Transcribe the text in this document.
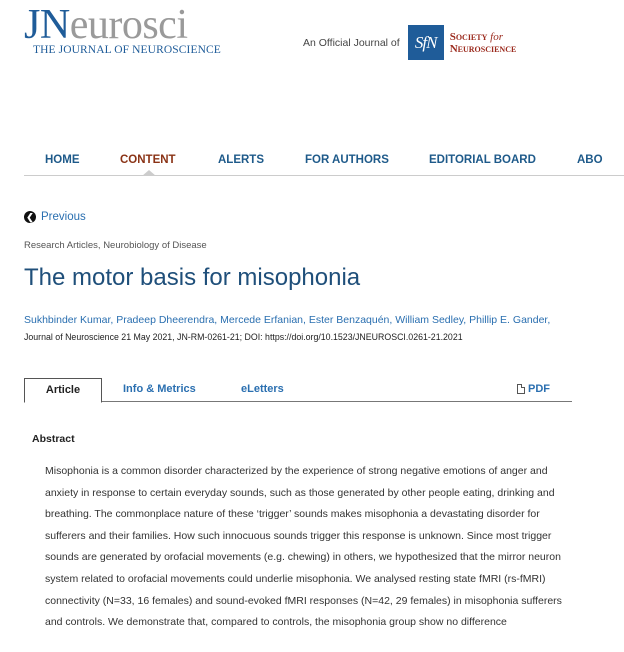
JNeurosci
THE JOURNAL OF NEUROSCIENCE
An Official Journal of SfN Society for
Neuroscience
HOME	CONTENT	ALERTS	FOR AUTHORS	EDITORIAL BOARD	ABO
❮ Previous
Research Articles, Neurobiology of Disease
The motor basis for misophonia
Sukhbinder Kumar, Pradeep Dheerendra, Mercede Erfanian, Ester Benzaquén, William Sedley, Phillip E. Gander,
Journal of Neuroscience 21 May 2021, JN-RM-0261-21; DOI: https://doi.org/10.1523/JNEUROSCI.0261-21.2021
Article	Info & Metrics	eLetters	PDF
Abstract

Misophonia is a common disorder characterized by the experience of strong negative emotions of anger and anxiety in response to certain everyday sounds, such as those generated by other people eating, drinking and breathing. The commonplace nature of these ‘trigger’ sounds makes misophonia a devastating disorder for sufferers and their families. How such innocuous sounds trigger this response is unknown. Since most trigger sounds are generated by orofacial movements (e.g. chewing) in others, we hypothesized that the mirror neuron system related to orofacial movements could underlie misophonia. We analysed resting state fMRI (rs-fMRI) connectivity (N=33, 16 females) and sound-evoked fMRI responses (N=42, 29 females) in misophonia sufferers and controls. We demonstrate that, compared to controls, the misophonia group show no difference
